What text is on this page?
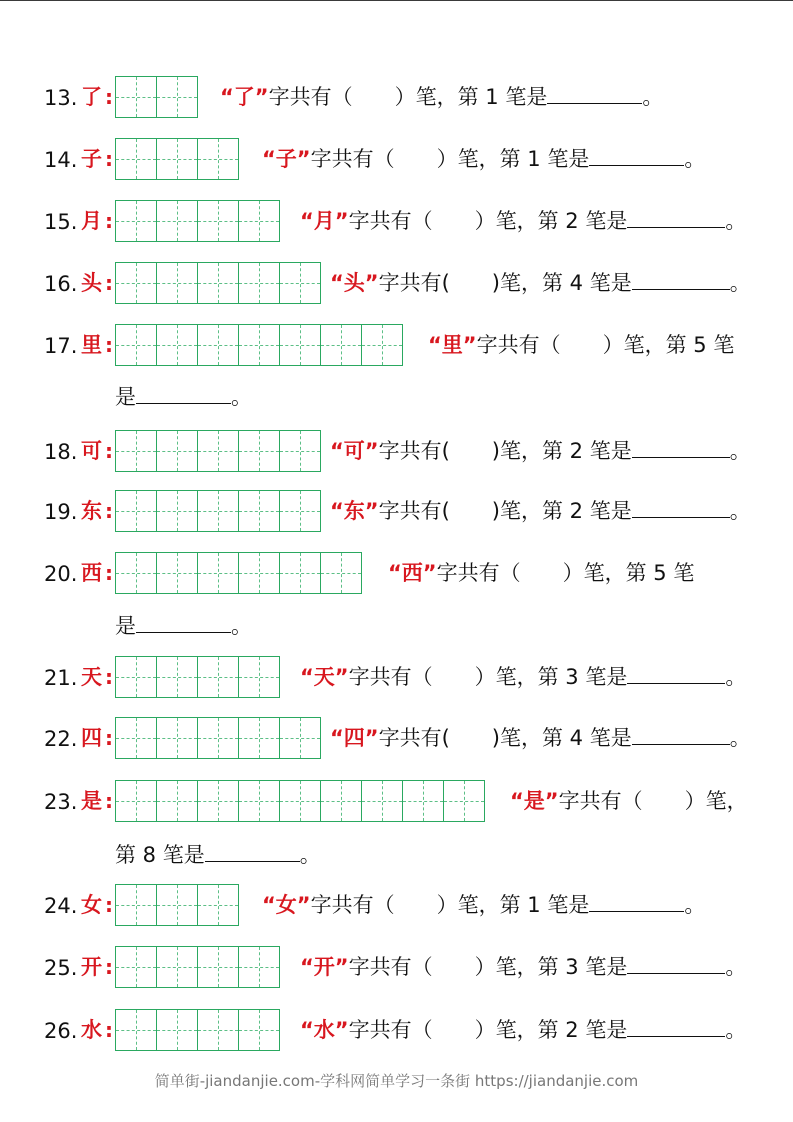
13. 了 :	“了”字共有（　　）笔，第 1 笔是	。
14. 子 :	“子”字共有（　　）笔，第 1 笔是	。
15. 月 :	“月”字共有（　　）笔，第 2 笔是	。
16. 头 :	“头”字共有(　　)笔，第 4 笔是	。
17. 里 :	“里”字共有（　　）笔，第 5 笔
是	。
18. 可 :	“可”字共有(　　)笔，第 2 笔是	。
19. 东 :	“东”字共有(　　)笔，第 2 笔是	。
20. 西 :	“西”字共有（　　）笔，第 5 笔
是	。
21. 天 :	“天”字共有（　　）笔，第 3 笔是	。
22. 四 :	“四”字共有(　　)笔，第 4 笔是	。
23. 是 :	“是”字共有（　　）笔，
第 8 笔是	。
24. 女 :	“女”字共有（　　）笔，第 1 笔是	。
25. 开 :	“开”字共有（　　）笔，第 3 笔是	。
26. 水 :	“水”字共有（　　）笔，第 2 笔是	。
简单街-jiandanjie.com-学科网简单学习一条街 https://jiandanjie.com
